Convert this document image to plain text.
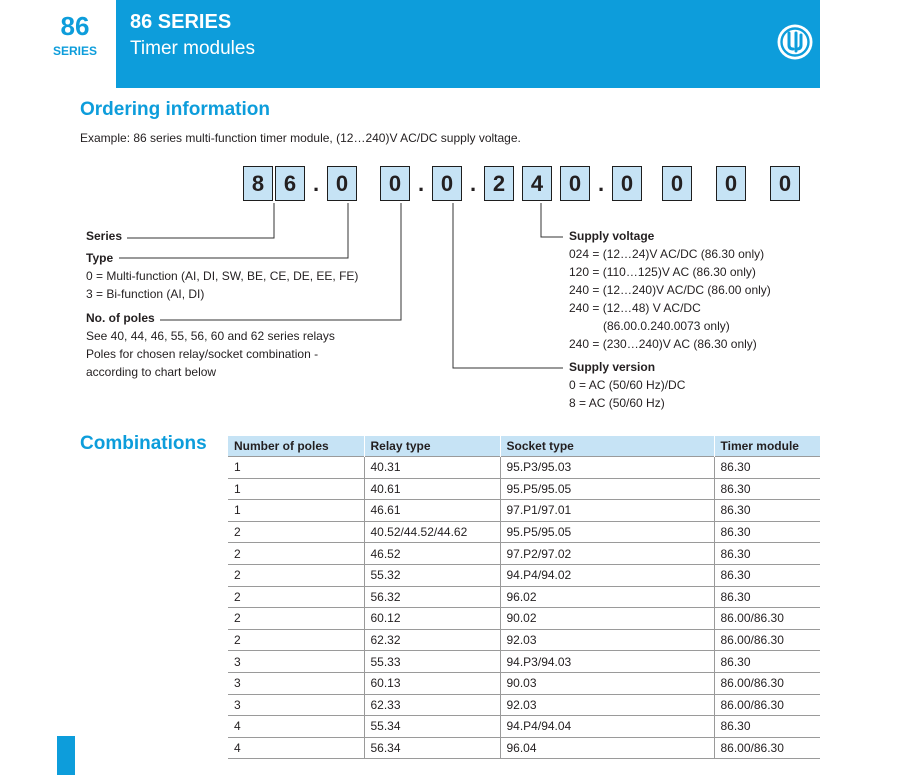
86
SERIES
86 SERIES
Timer modules
Ordering information
Example: 86 series multi-function timer module, (12…240)V AC/DC supply voltage.
8 6 . 0	0 . 0 . 2	4	0 . 0	0	0	0
Series
Type
0 = Multi-function (AI, DI, SW, BE, CE, DE, EE, FE)
3 = Bi-function (AI, DI)
No. of poles
See 40, 44, 46, 55, 56, 60 and 62 series relays
Poles for chosen relay/socket combination -
according to chart below
Supply voltage
024 = (12…24)V AC/DC (86.30 only)
120 = (110…125)V AC (86.30 only)
240 = (12…240)V AC/DC (86.00 only)
240 = (12…48) V AC/DC
(86.00.0.240.0073 only)
240 = (230…240)V AC (86.30 only)
Supply version
0 = AC (50/60 Hz)/DC
8 = AC (50/60 Hz)
Combinations Number of poles	Relay type	Socket type	Timer module
1	40.31	95.P3/95.03	86.30
1	40.61	95.P5/95.05	86.30
1	46.61	97.P1/97.01	86.30
2	40.52/44.52/44.62	95.P5/95.05	86.30
2	46.52	97.P2/97.02	86.30
2	55.32	94.P4/94.02	86.30
2	56.32	96.02	86.30
2	60.12	90.02	86.00/86.30
2	62.32	92.03	86.00/86.30
3	55.33	94.P3/94.03	86.30
3	60.13	90.03	86.00/86.30
3	62.33	92.03	86.00/86.30
4	55.34	94.P4/94.04	86.30
4	56.34	96.04	86.00/86.30
